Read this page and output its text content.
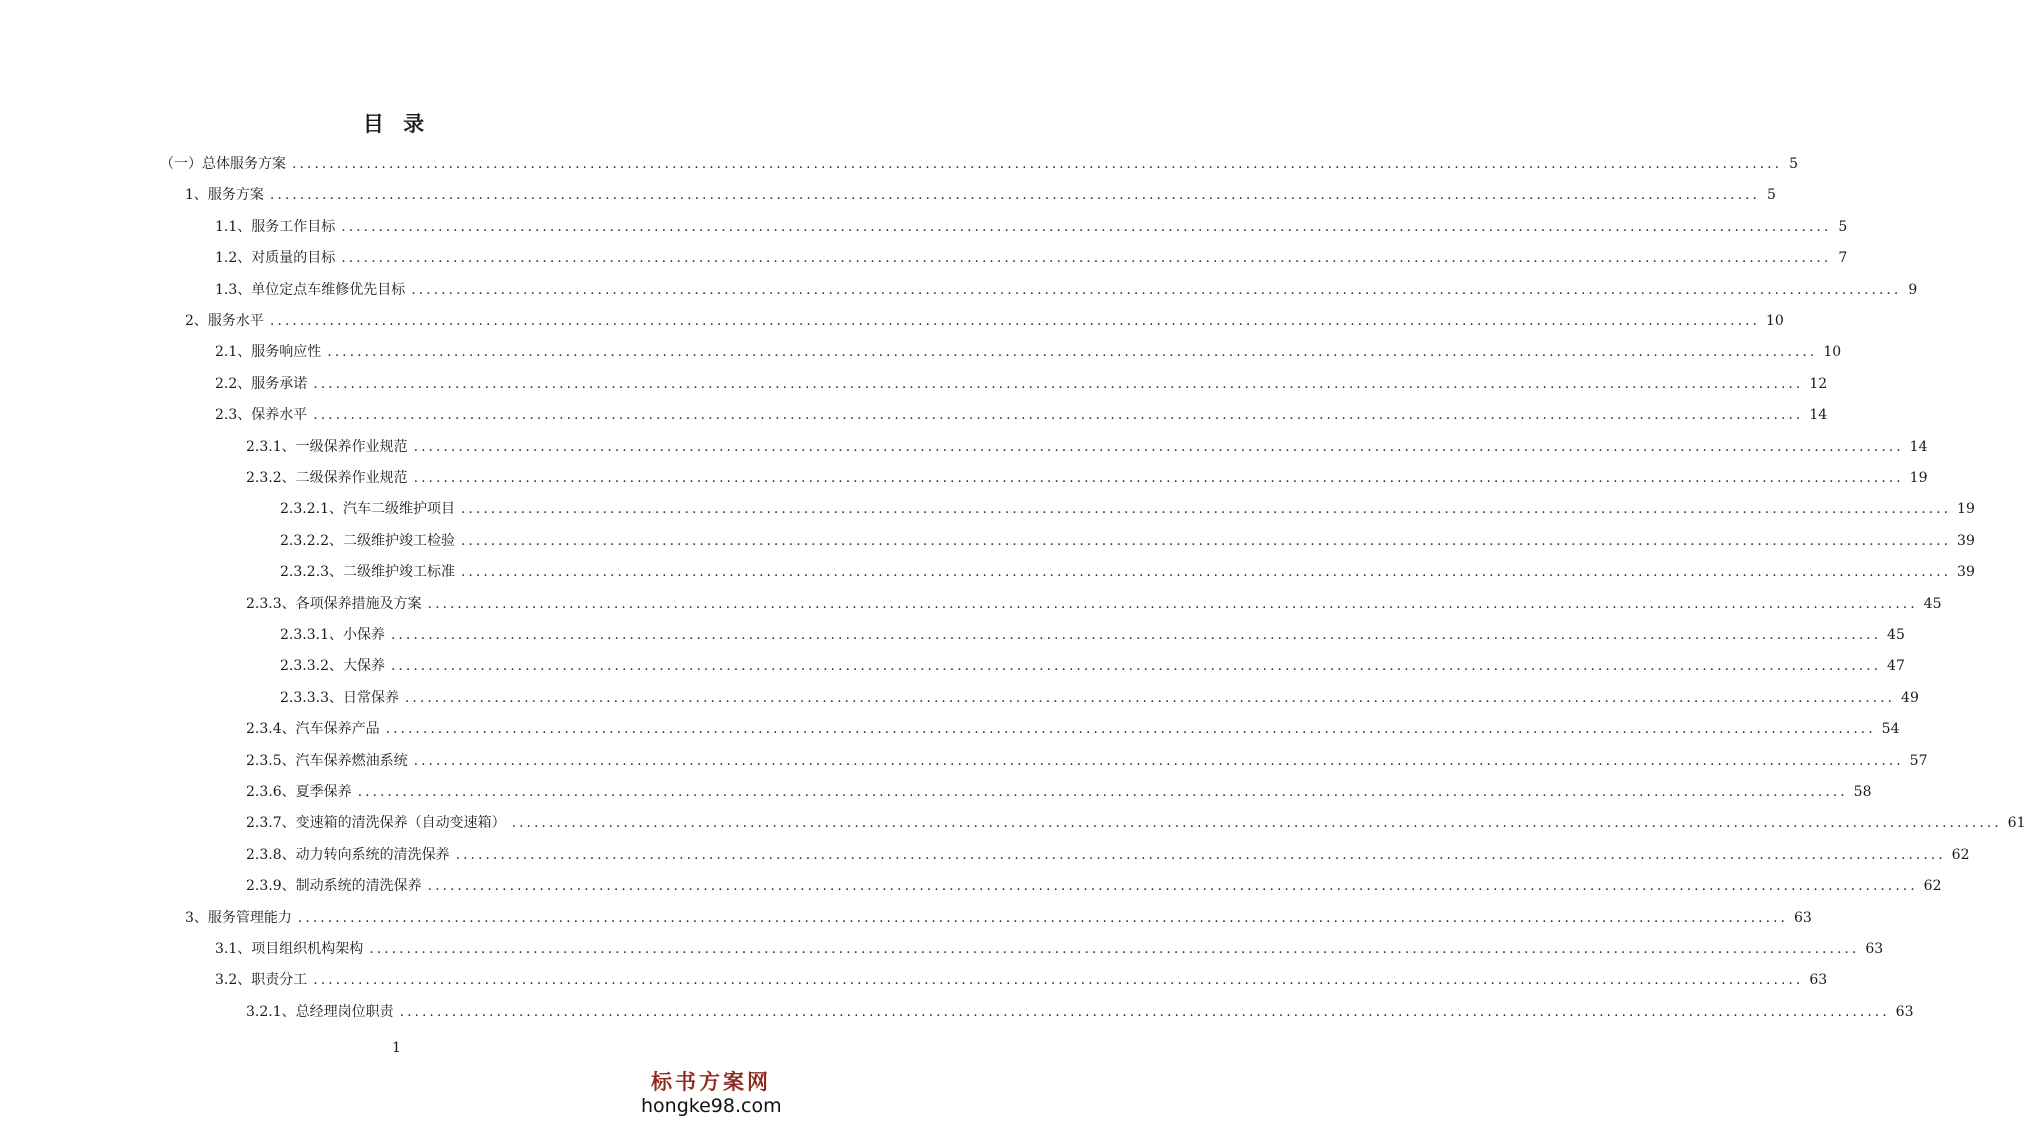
目 录
（一） 总体服务方案 ........................................................................................................................................................................................................ 5
1、 服务方案 ........................................................................................................................................................................................................ 5
1.1、 服务工作目标 ........................................................................................................................................................................................................ 5
1.2、 对质量的目标 ........................................................................................................................................................................................................ 7
1.3、 单位定点车维修优先目标 ........................................................................................................................................................................................................ 9
2、 服务水平 ........................................................................................................................................................................................................ 10
2.1、 服务响应性 ........................................................................................................................................................................................................ 10
2.2、 服务承诺 ........................................................................................................................................................................................................ 12
2.3、 保养水平 ........................................................................................................................................................................................................ 14
2.3.1、 一级保养作业规范 ........................................................................................................................................................................................................ 14
2.3.2、 二级保养作业规范 ........................................................................................................................................................................................................ 19
2.3.2.1、 汽车二级维护项目 ........................................................................................................................................................................................................ 19
2.3.2.2、 二级维护竣工检验 ........................................................................................................................................................................................................ 39
2.3.2.3、 二级维护竣工标准 ........................................................................................................................................................................................................ 39
2.3.3、 各项保养措施及方案 ........................................................................................................................................................................................................ 45
2.3.3.1、 小保养 ........................................................................................................................................................................................................ 45
2.3.3.2、 大保养 ........................................................................................................................................................................................................ 47
2.3.3.3、 日常保养 ........................................................................................................................................................................................................ 49
2.3.4、 汽车保养产品 ........................................................................................................................................................................................................ 54
2.3.5、 汽车保养燃油系统 ........................................................................................................................................................................................................ 57
2.3.6、 夏季保养 ........................................................................................................................................................................................................ 58
2.3.7、 变速箱的清洗保养（自动变速箱） ........................................................................................................................................................................................................ 61
2.3.8、 动力转向系统的清洗保养 ........................................................................................................................................................................................................ 62
2.3.9、 制动系统的清洗保养 ........................................................................................................................................................................................................ 62
3、 服务管理能力 ........................................................................................................................................................................................................ 63
3.1、 项目组织机构架构 ........................................................................................................................................................................................................ 63
3.2、 职责分工 ........................................................................................................................................................................................................ 63
3.2.1、 总经理岗位职责 ........................................................................................................................................................................................................ 63
1
标书方案网
hongke98.com
